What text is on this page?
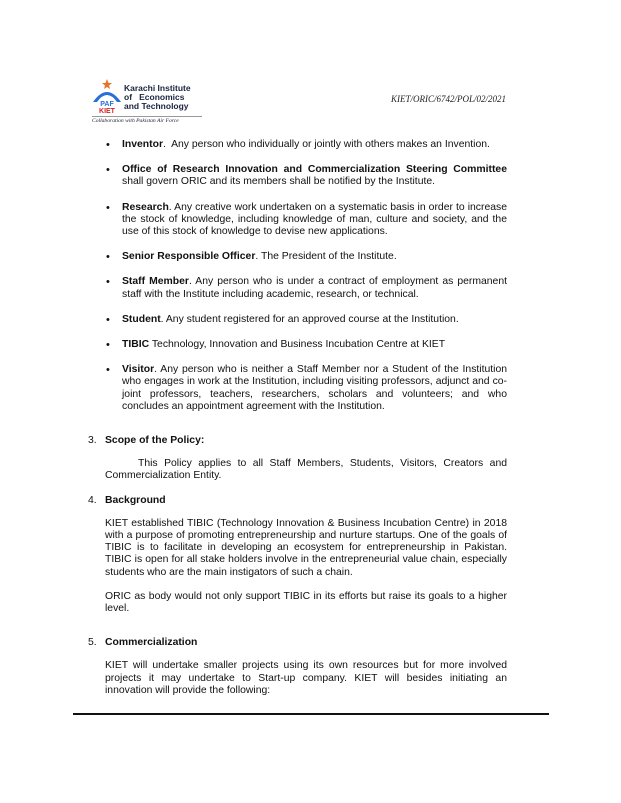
PAF
KIET
Karachi Institute
of   Economics
and Technology
Collaboration with Pakistan Air Force
KIET/ORIC/6742/POL/02/2021
• Inventor.  Any person who individually or jointly with others makes an Invention.
• Office of Research Innovation and Commercialization Steering Committee shall govern ORIC and its members shall be notified by the Institute.
• Research. Any creative work undertaken on a systematic basis in order to increase the stock of knowledge, including knowledge of man, culture and society, and the use of this stock of knowledge to devise new applications.
• Senior Responsible Officer. The President of the Institute.
• Staff Member. Any person who is under a contract of employment as permanent staff with the Institute including academic, research, or technical.
• Student. Any student registered for an approved course at the Institution.
• TIBIC Technology, Innovation and Business Incubation Centre at KIET
• Visitor. Any person who is neither a Staff Member nor a Student of the Institution who engages in work at the Institution, including visiting professors, adjunct and co-joint professors, teachers, researchers, scholars and volunteers; and who concludes an appointment agreement with the Institution.
3. Scope of the Policy:
This Policy applies to all Staff Members, Students, Visitors, Creators and Commercialization Entity.
4. Background
KIET established TIBIC (Technology Innovation & Business Incubation Centre) in 2018 with a purpose of promoting entrepreneurship and nurture startups. One of the goals of TIBIC is to facilitate in developing an ecosystem for entrepreneurship in Pakistan. TIBIC is open for all stake holders involve in the entrepreneurial value chain, especially students who are the main instigators of such a chain.
ORIC as body would not only support TIBIC in its efforts but raise its goals to a higher level.
5. Commercialization
KIET will undertake smaller projects using its own resources but for more involved projects it may undertake to Start-up company. KIET will besides initiating an innovation will provide the following:
